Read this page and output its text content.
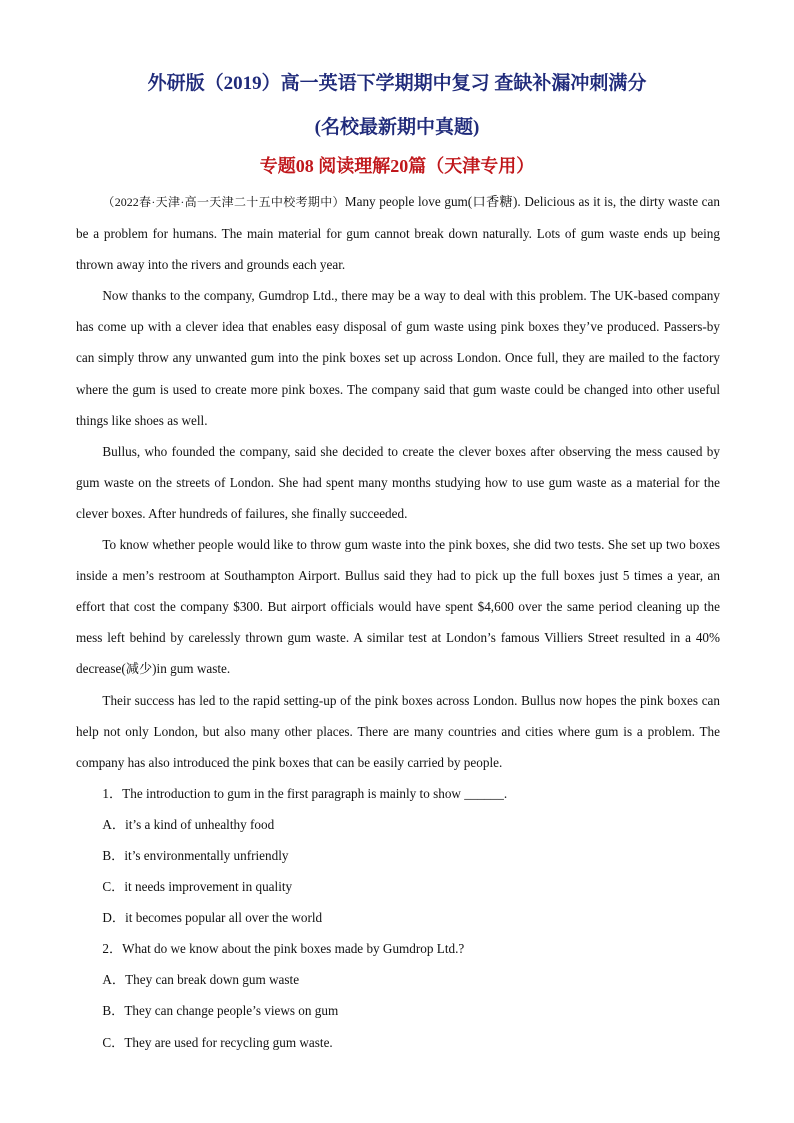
外研版（2019）高一英语下学期期中复习 查缺补漏冲刺满分
(名校最新期中真题)
专题08 阅读理解20篇（天津专用）

（2022春·天津·高一天津二十五中校考期中）Many people love gum(口香糖). Delicious as it is, the dirty waste can be a problem for humans. The main material for gum cannot break down naturally. Lots of gum waste ends up being thrown away into the rivers and grounds each year.

Now thanks to the company, Gumdrop Ltd., there may be a way to deal with this problem. The UK-based company has come up with a clever idea that enables easy disposal of gum waste using pink boxes they’ve produced. Passers-by can simply throw any unwanted gum into the pink boxes set up across London. Once full, they are mailed to the factory where the gum is used to create more pink boxes. The company said that gum waste could be changed into other useful things like shoes as well.

Bullus, who founded the company, said she decided to create the clever boxes after observing the mess caused by gum waste on the streets of London. She had spent many months studying how to use gum waste as a material for the clever boxes. After hundreds of failures, she finally succeeded.

To know whether people would like to throw gum waste into the pink boxes, she did two tests. She set up two boxes inside a men’s restroom at Southampton Airport. Bullus said they had to pick up the full boxes just 5 times a year, an effort that cost the company $300. But airport officials would have spent $4,600 over the same period cleaning up the mess left behind by carelessly thrown gum waste. A similar test at London’s famous Villiers Street resulted in a 40% decrease(减少)in gum waste.

Their success has led to the rapid setting-up of the pink boxes across London. Bullus now hopes the pink boxes can help not only London, but also many other places. There are many countries and cities where gum is a problem. The company has also introduced the pink boxes that can be easily carried by people.

1．The introduction to gum in the first paragraph is mainly to show ______.

A．it’s a kind of unhealthy food

B．it’s environmentally unfriendly

C．it needs improvement in quality

D．it becomes popular all over the world

2．What do we know about the pink boxes made by Gumdrop Ltd.?

A．They can break down gum waste

B．They can change people’s views on gum

C．They are used for recycling gum waste.
